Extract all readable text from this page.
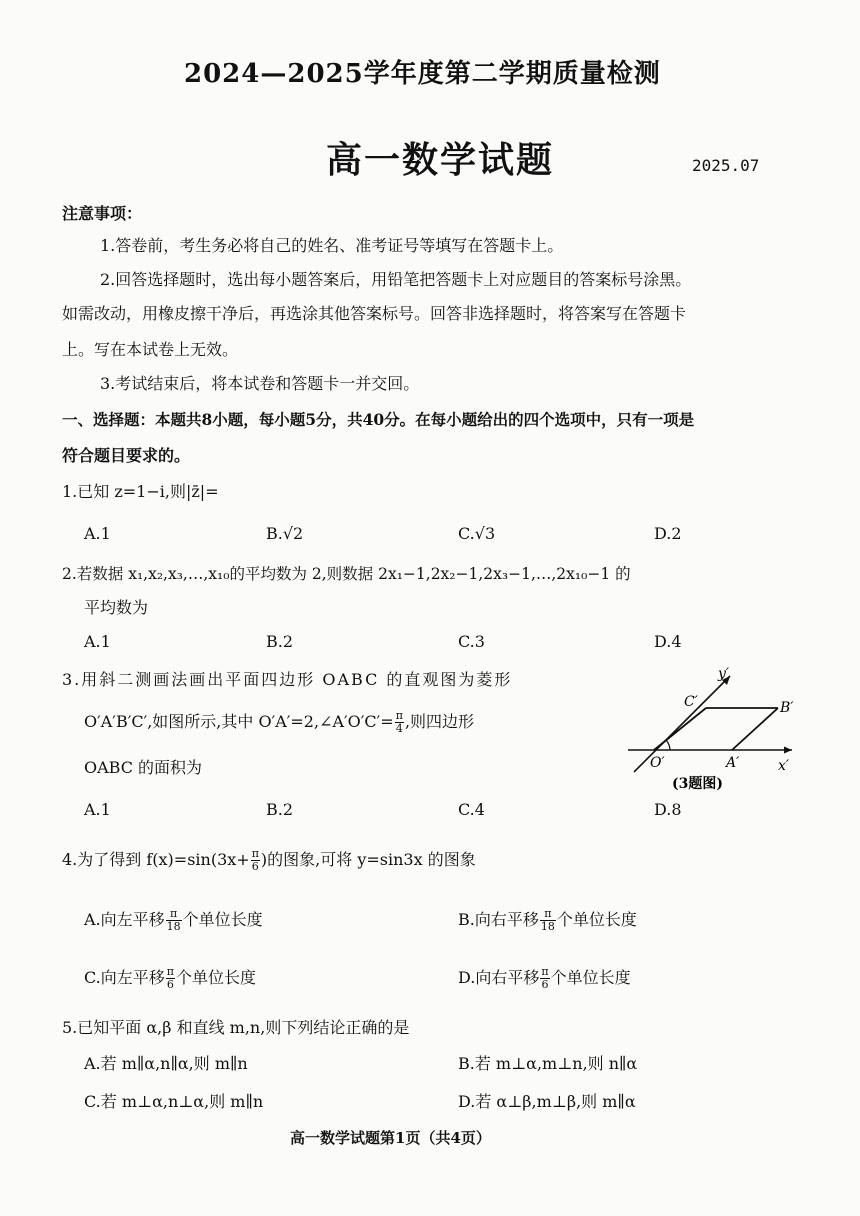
2024—2025学年度第二学期质量检测
高一数学试题	2025.07
注意事项：
1.答卷前，考生务必将自己的姓名、准考证号等填写在答题卡上。
2.回答选择题时，选出每小题答案后，用铅笔把答题卡上对应题目的答案标号涂黑。
如需改动，用橡皮擦干净后，再选涂其他答案标号。回答非选择题时，将答案写在答题卡
上。写在本试卷上无效。
3.考试结束后，将本试卷和答题卡一并交回。
一、选择题：本题共8小题，每小题5分，共40分。在每小题给出的四个选项中，只有一项是
符合题目要求的。
1.已知 z=1−i,则|z̄|=
A.1	B.√2	C.√3	D.2
2.若数据 x₁,x₂,x₃,…,x₁₀的平均数为 2,则数据 2x₁−1,2x₂−1,2x₃−1,…,2x₁₀−1 的
平均数为
A.1	B.2	C.3	D.4
3.用斜二测画法画出平面四边形 OABC 的直观图为菱形
O′A′B′C′,如图所示,其中 O′A′=2,∠A′O′C′= $\frac{\pi}{4}$ ,则四边形
OABC 的面积为
A.1	B.2	C.4	D.8
y′
x′
C′	B′
O′	A′
(3题图)
4.为了得到 $f(x)=\sin(3x+ \frac{\pi}{6}$ )的图象,可将 y=sin3x 的图象
A.向左平移 $\frac{\pi}{18}$ 个单位长度	B.向右平移 $\frac{\pi}{18}$ 个单位长度
C.向左平移 $\frac{\pi}{6}$ 个单位长度	D.向右平移 $\frac{\pi}{6}$ 个单位长度
5.已知平面 α,β 和直线 m,n,则下列结论正确的是
A.若 m∥α,n∥α,则 m∥n	B.若 m⊥α,m⊥n,则 n∥α
C.若 m⊥α,n⊥α,则 m∥n	D.若 α⊥β,m⊥β,则 m∥α
高一数学试题第1页（共4页）
